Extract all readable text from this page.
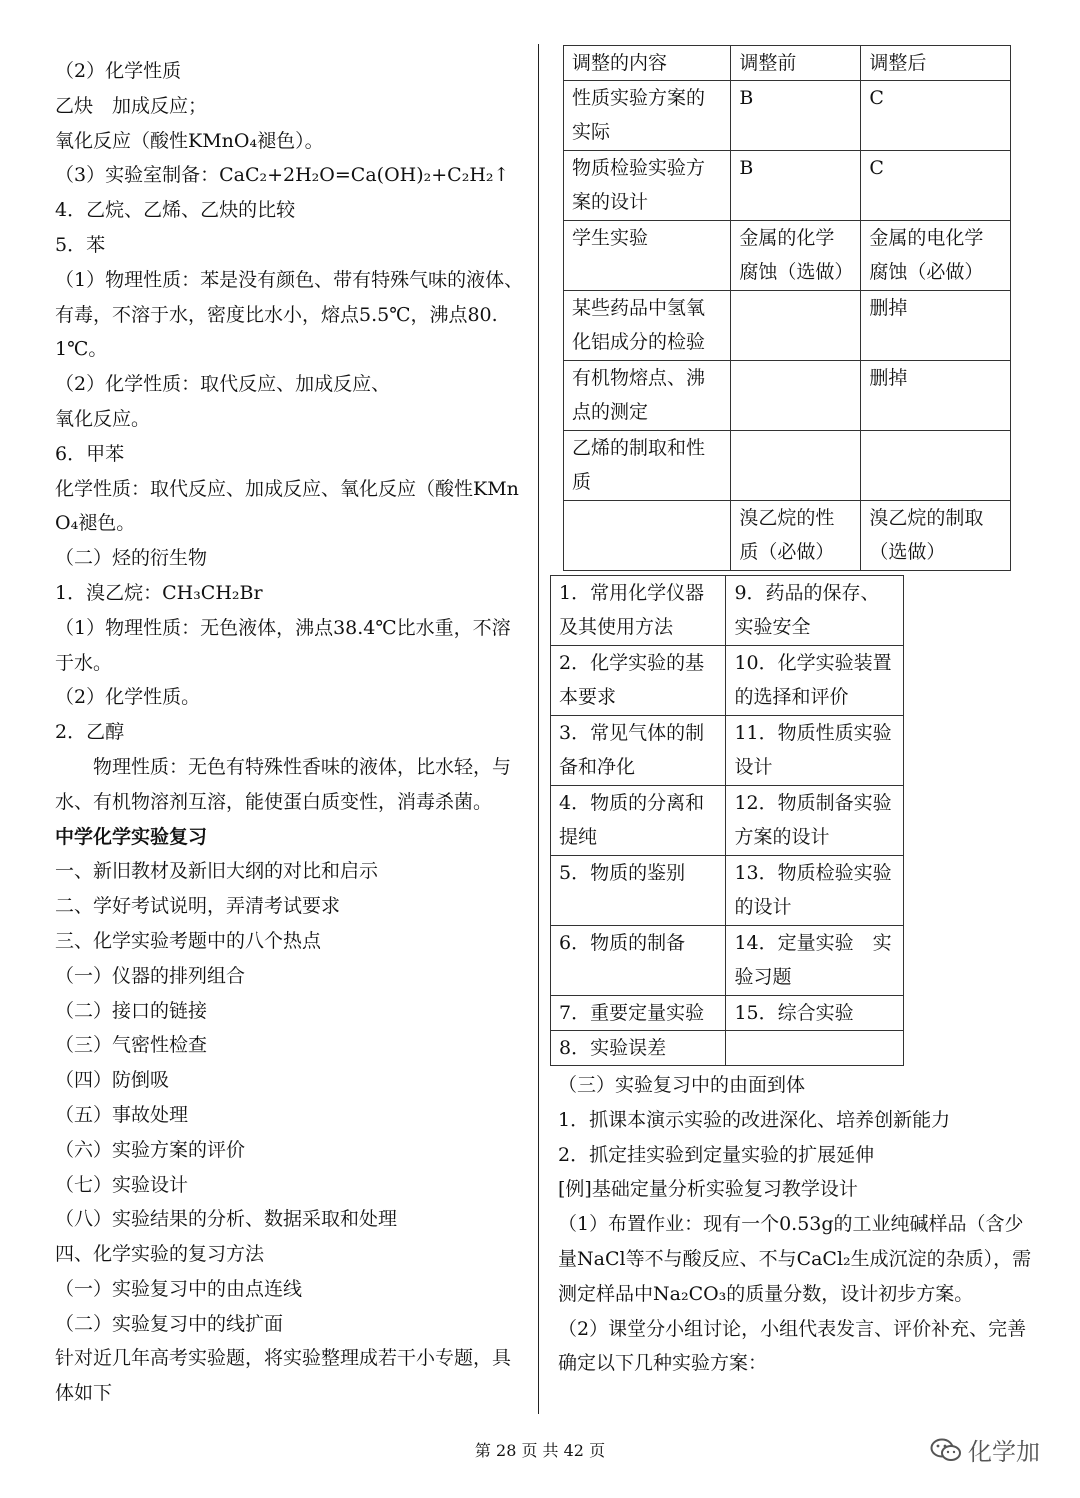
（2）化学性质

乙炔　加成反应；

氧化反应（酸性KMnO₄褪色）。

（3）实验室制备：CaC₂+2H₂O=Ca(OH)₂+C₂H₂↑

4．乙烷、乙烯、乙炔的比较

5．苯

（1）物理性质：苯是没有颜色、带有特殊气味的液体、有毒，不溶于水，密度比水小，熔点5.5℃，沸点80.1℃。

（2）化学性质：取代反应、加成反应、

氧化反应。

6．甲苯

化学性质：取代反应、加成反应、氧化反应（酸性KMnO₄褪色。

（二）烃的衍生物

1．溴乙烷：CH₃CH₂Br

（1）物理性质：无色液体，沸点38.4℃比水重，不溶于水。

（2）化学性质。

2．乙醇

　　物理性质：无色有特殊性香味的液体，比水轻，与水、有机物溶剂互溶，能使蛋白质变性，消毒杀菌。

中学化学实验复习

一、新旧教材及新旧大纲的对比和启示

二、学好考试说明，弄清考试要求

三、化学实验考题中的八个热点

（一）仪器的排列组合

（二）接口的链接

（三）气密性检查

（四）防倒吸

（五）事故处理

（六）实验方案的评价

（七）实验设计

（八）实验结果的分析、数据采取和处理

四、化学实验的复习方法

（一）实验复习中的由点连线

（二）实验复习中的线扩面

针对近几年高考实验题，将实验整理成若干小专题，具体如下

调整的内容	调整前	调整后
性质实验方案的实际	B	C
物质检验实验方案的设计	B	C
学生实验	金属的化学腐蚀（选做）	金属的电化学腐蚀（必做）
某些药品中氢氧化铝成分的检验		删掉
有机物熔点、沸点的测定		删掉
乙烯的制取和性质		
	溴乙烷的性质（必做）	溴乙烷的制取（选做）
1．常用化学仪器及其使用方法	9．药品的保存、实验安全
2．化学实验的基本要求	10．化学实验装置的选择和评价
3．常见气体的制备和净化	11．物质性质实验设计
4．物质的分离和提纯	12．物质制备实验方案的设计
5．物质的鉴别	13．物质检验实验的设计
6．物质的制备	14．定量实验　实验习题
7．重要定量实验	15．综合实验
8．实验误差	

（三）实验复习中的由面到体

1．抓课本演示实验的改进深化、培养创新能力

2．抓定挂实验到定量实验的扩展延伸

[例]基础定量分析实验复习教学设计

（1）布置作业：现有一个0.53g的工业纯碱样品（含少量NaCl等不与酸反应、不与CaCl₂生成沉淀的杂质），需测定样品中Na₂CO₃的质量分数，设计初步方案。

（2）课堂分小组讨论，小组代表发言、评价补充、完善确定以下几种实验方案：

第 28 页 共 42 页	化学加
